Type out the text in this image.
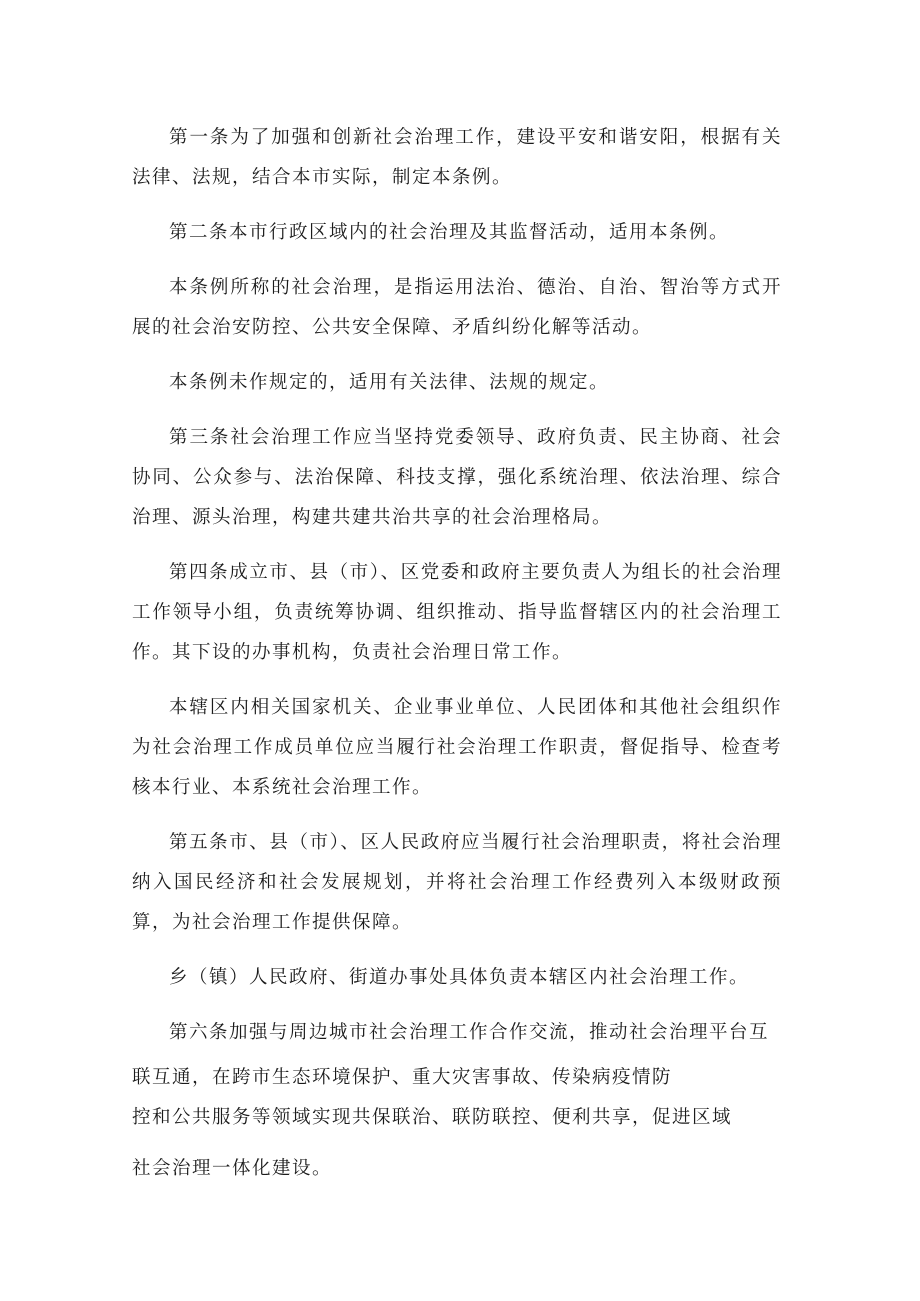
第一条为了加强和创新社会治理工作，建设平安和谐安阳，根据有关法律、法规，结合本市实际，制定本条例。

第二条本市行政区域内的社会治理及其监督活动，适用本条例。

本条例所称的社会治理，是指运用法治、德治、自治、智治等方式开展的社会治安防控、公共安全保障、矛盾纠纷化解等活动。

本条例未作规定的，适用有关法律、法规的规定。

第三条社会治理工作应当坚持党委领导、政府负责、民主协商、社会协同、公众参与、法治保障、科技支撑，强化系统治理、依法治理、综合治理、源头治理，构建共建共治共享的社会治理格局。

第四条成立市、县（市）、区党委和政府主要负责人为组长的社会治理工作领导小组，负责统筹协调、组织推动、指导监督辖区内的社会治理工作。其下设的办事机构，负责社会治理日常工作。

本辖区内相关国家机关、企业事业单位、人民团体和其他社会组织作为社会治理工作成员单位应当履行社会治理工作职责，督促指导、检查考核本行业、本系统社会治理工作。

第五条市、县（市）、区人民政府应当履行社会治理职责，将社会治理纳入国民经济和社会发展规划，并将社会治理工作经费列入本级财政预算，为社会治理工作提供保障。

乡（镇）人民政府、街道办事处具体负责本辖区内社会治理工作。

第六条加强与周边城市社会治理工作合作交流，推动社会治理平台互
联互通，在跨市生态环境保护、重大灾害事故、传染病疫情防
控和公共服务等领域实现共保联治、联防联控、便利共享，促进区域
社会治理一体化建设。
